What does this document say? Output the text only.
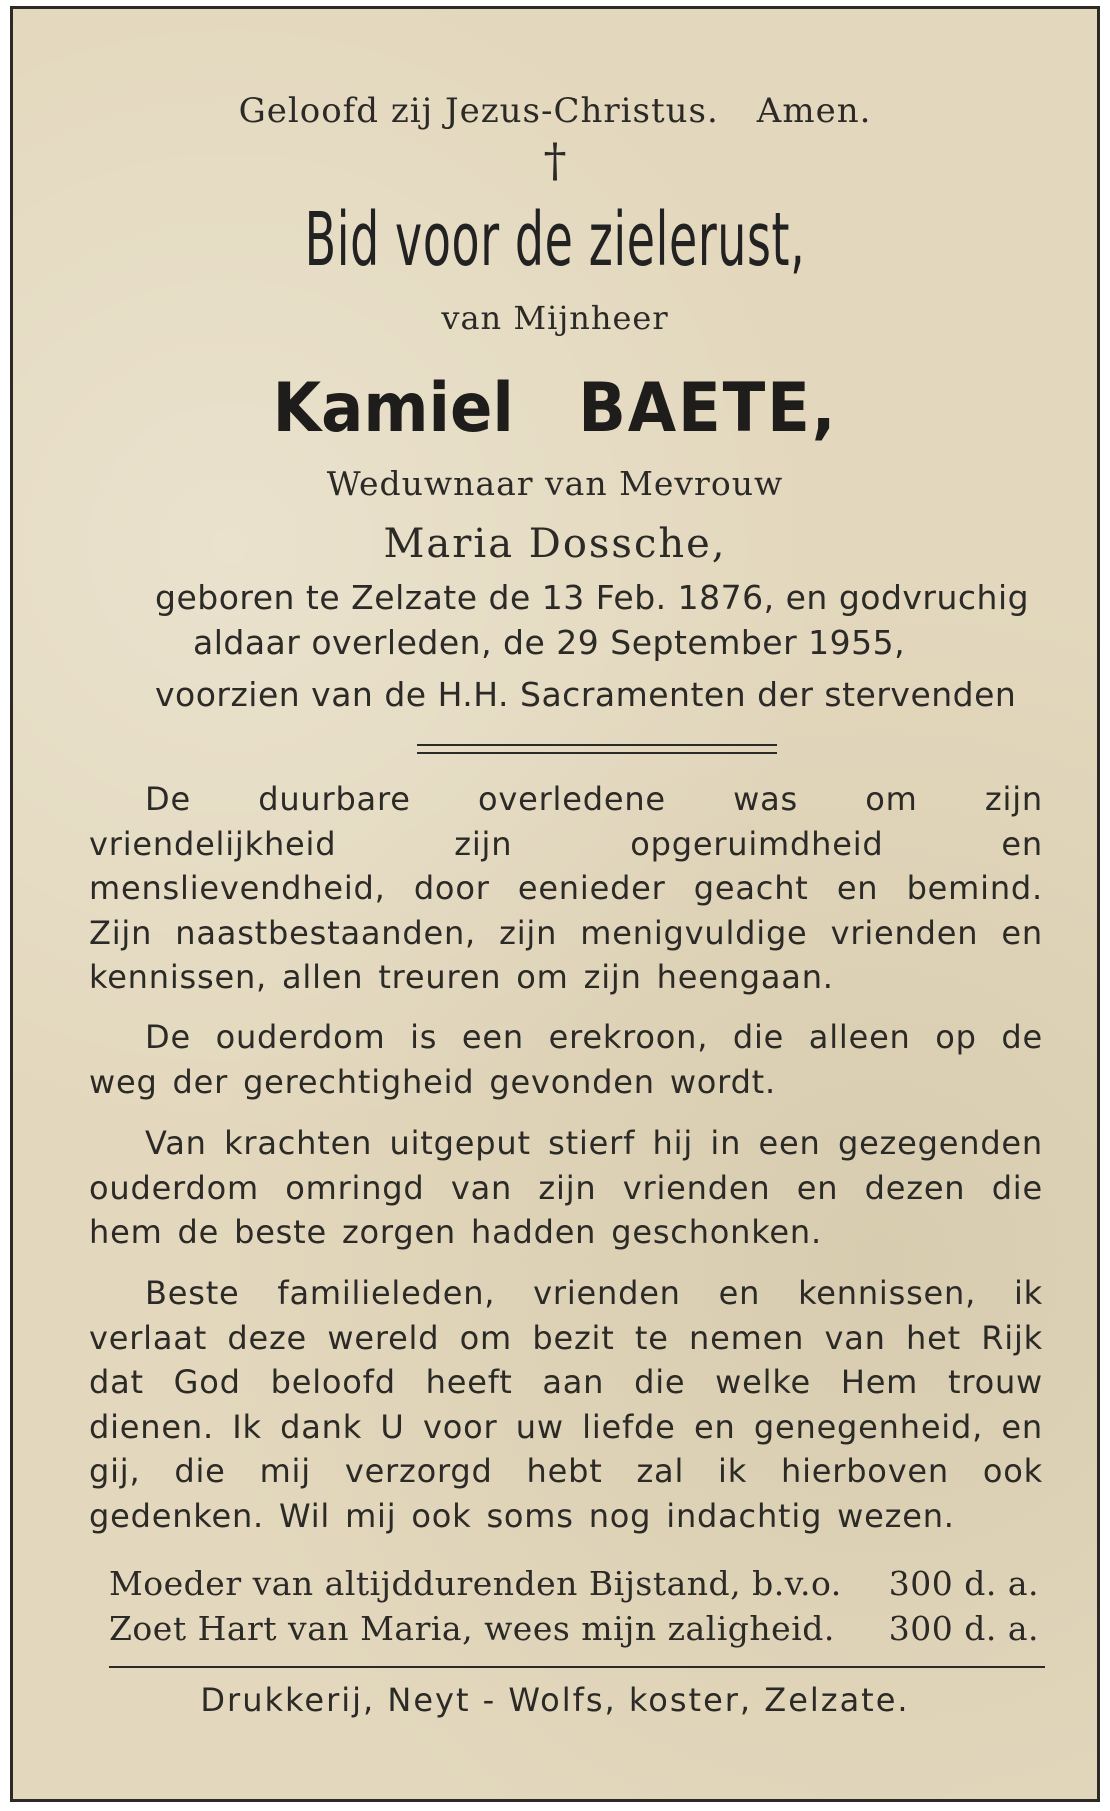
Geloofd zij Jezus-Christus. Amen.
†
Bid voor de zielerust,
van Mijnheer
Kamiel BAETE,
Weduwnaar van Mevrouw
Maria Dossche,
geboren te Zelzate de 13 Feb. 1876, en godvruchig
aldaar overleden, de 29 September 1955,
voorzien van de H.H. Sacramenten der stervenden

De duurbare overledene was om zijn vriendelijkheid zijn opgeruimdheid en menslievendheid, door eenieder geacht en bemind. Zijn naastbestaanden, zijn menigvuldige vrienden en kennissen, allen treuren om zijn heengaan.

De ouderdom is een erekroon, die alleen op de weg der gerechtigheid gevonden wordt.

Van krachten uitgeput stierf hij in een gezegenden ouderdom omringd van zijn vrienden en dezen die hem de beste zorgen hadden geschonken.

Beste familieleden, vrienden en kennissen, ik verlaat deze wereld om bezit te nemen van het Rijk dat God beloofd heeft aan die welke Hem trouw dienen. Ik dank U voor uw liefde en genegenheid, en gij, die mij verzorgd hebt zal ik hierboven ook gedenken. Wil mij ook soms nog indachtig wezen.

Moeder van altijddurenden Bijstand, b.v.o. 300 d. a.
Zoet Hart van Maria, wees mijn zaligheid. 300 d. a.
Drukkerij, Neyt - Wolfs, koster, Zelzate.
